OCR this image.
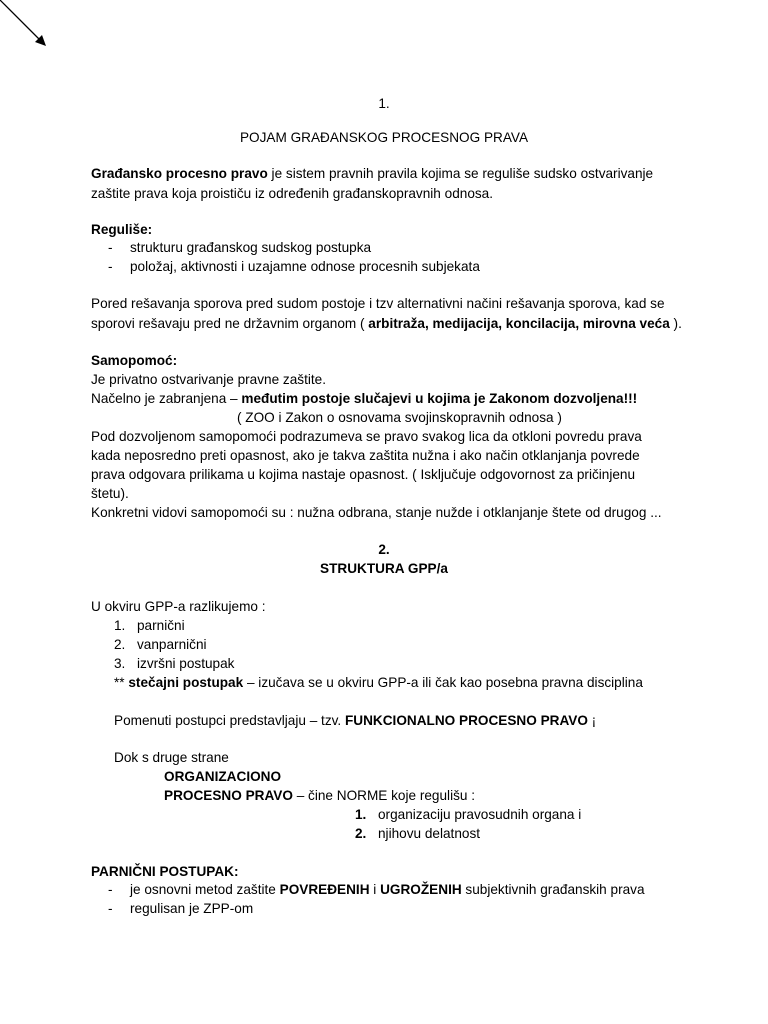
1.
POJAM GRAĐANSKOG PROCESNOG PRAVA
Građansko procesno pravo je sistem pravnih pravila kojima se reguliše sudsko ostvarivanje
zaštite prava koja proističu iz određenih građanskopravnih odnosa.
Reguliše:
- strukturu građanskog sudskog postupka
- položaj, aktivnosti i uzajamne odnose procesnih subjekata
Pored rešavanja sporova pred sudom postoje i tzv alternativni načini rešavanja sporova, kad se
sporovi rešavaju pred ne državnim organom ( arbitraža, medijacija, koncilacija, mirovna veća ).
Samopomoć:
Je privatno ostvarivanje pravne zaštite.
Načelno je zabranjena – međutim postoje slučajevi u kojima je Zakonom dozvoljena!!!
( ZOO i Zakon o osnovama svojinskopravnih odnosa )
Pod dozvoljenom samopomoći podrazumeva se pravo svakog lica da otkloni povredu prava
kada neposredno preti opasnost, ako je takva zaštita nužna i ako način otklanjanja povrede
prava odgovara prilikama u kojima nastaje opasnost. ( Isključuje odgovornost za pričinjenu
štetu).
Konkretni vidovi samopomoći su : nužna odbrana, stanje nužde i otklanjanje štete od drugog ...
2.
STRUKTURA GPP/a
U okviru GPP-a razlikujemo :
1. parnični
2. vanparnični
3. izvršni postupak
** stečajni postupak – izučava se u okviru GPP-a ili čak kao posebna pravna disciplina
Pomenuti postupci predstavljaju – tzv. FUNKCIONALNO PROCESNO PRAVO ¡
Dok s druge strane
ORGANIZACIONO
PROCESNO PRAVO – čine NORME koje regulišu :
1. organizaciju pravosudnih organa i
2. njihovu delatnost
PARNIČNI POSTUPAK:
- je osnovni metod zaštite POVREĐENIH i UGROŽENIH subjektivnih građanskih prava
- regulisan je ZPP-om
